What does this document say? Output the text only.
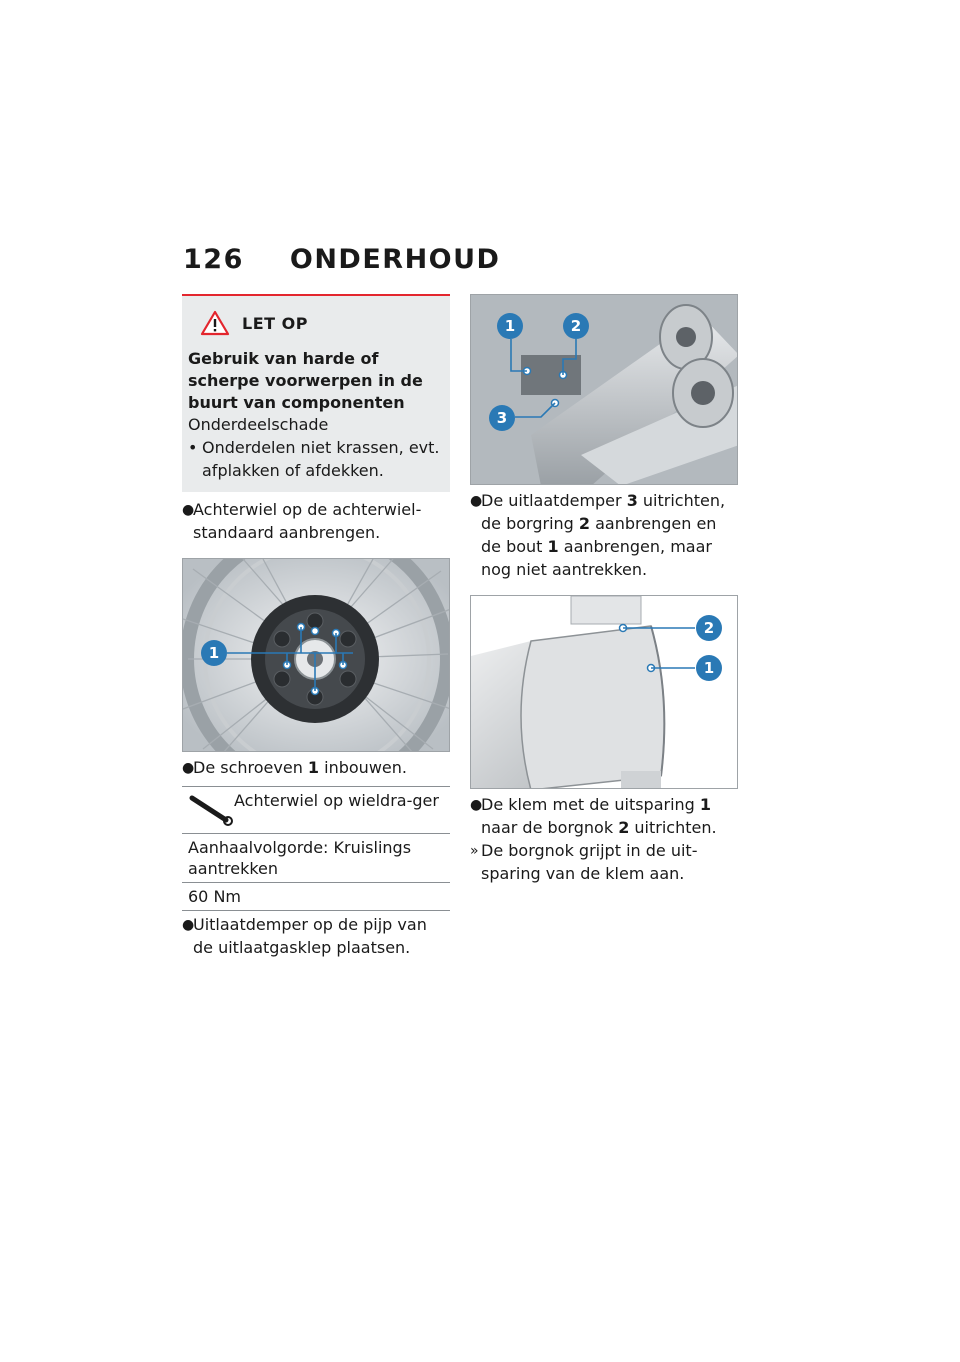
126 ONDERHOUD
LET OP
Gebruik van harde of scherpe voorwerpen in de buurt van componenten
Onderdeelschade
• Onderdelen niet krassen, evt. afplakken of afdekken.
●
Achterwiel op de achterwiel-standaard aanbrengen.
1
●
De schroeven 1 inbouwen.
Achterwiel op wieldra-ger
Aanhaalvolgorde: Kruislings aantrekken
60 Nm
●
Uitlaatdemper op de pijp van de uitlaatgasklep plaatsen.
1	2
3
●
De uitlaatdemper 3 uitrichten, de borgring 2 aanbrengen en de bout 1 aanbrengen, maar nog niet aantrekken.
2
1
●
De klem met de uitsparing 1 naar de borgnok 2 uitrichten.
» De borgnok grijpt in de uit-sparing van de klem aan.
